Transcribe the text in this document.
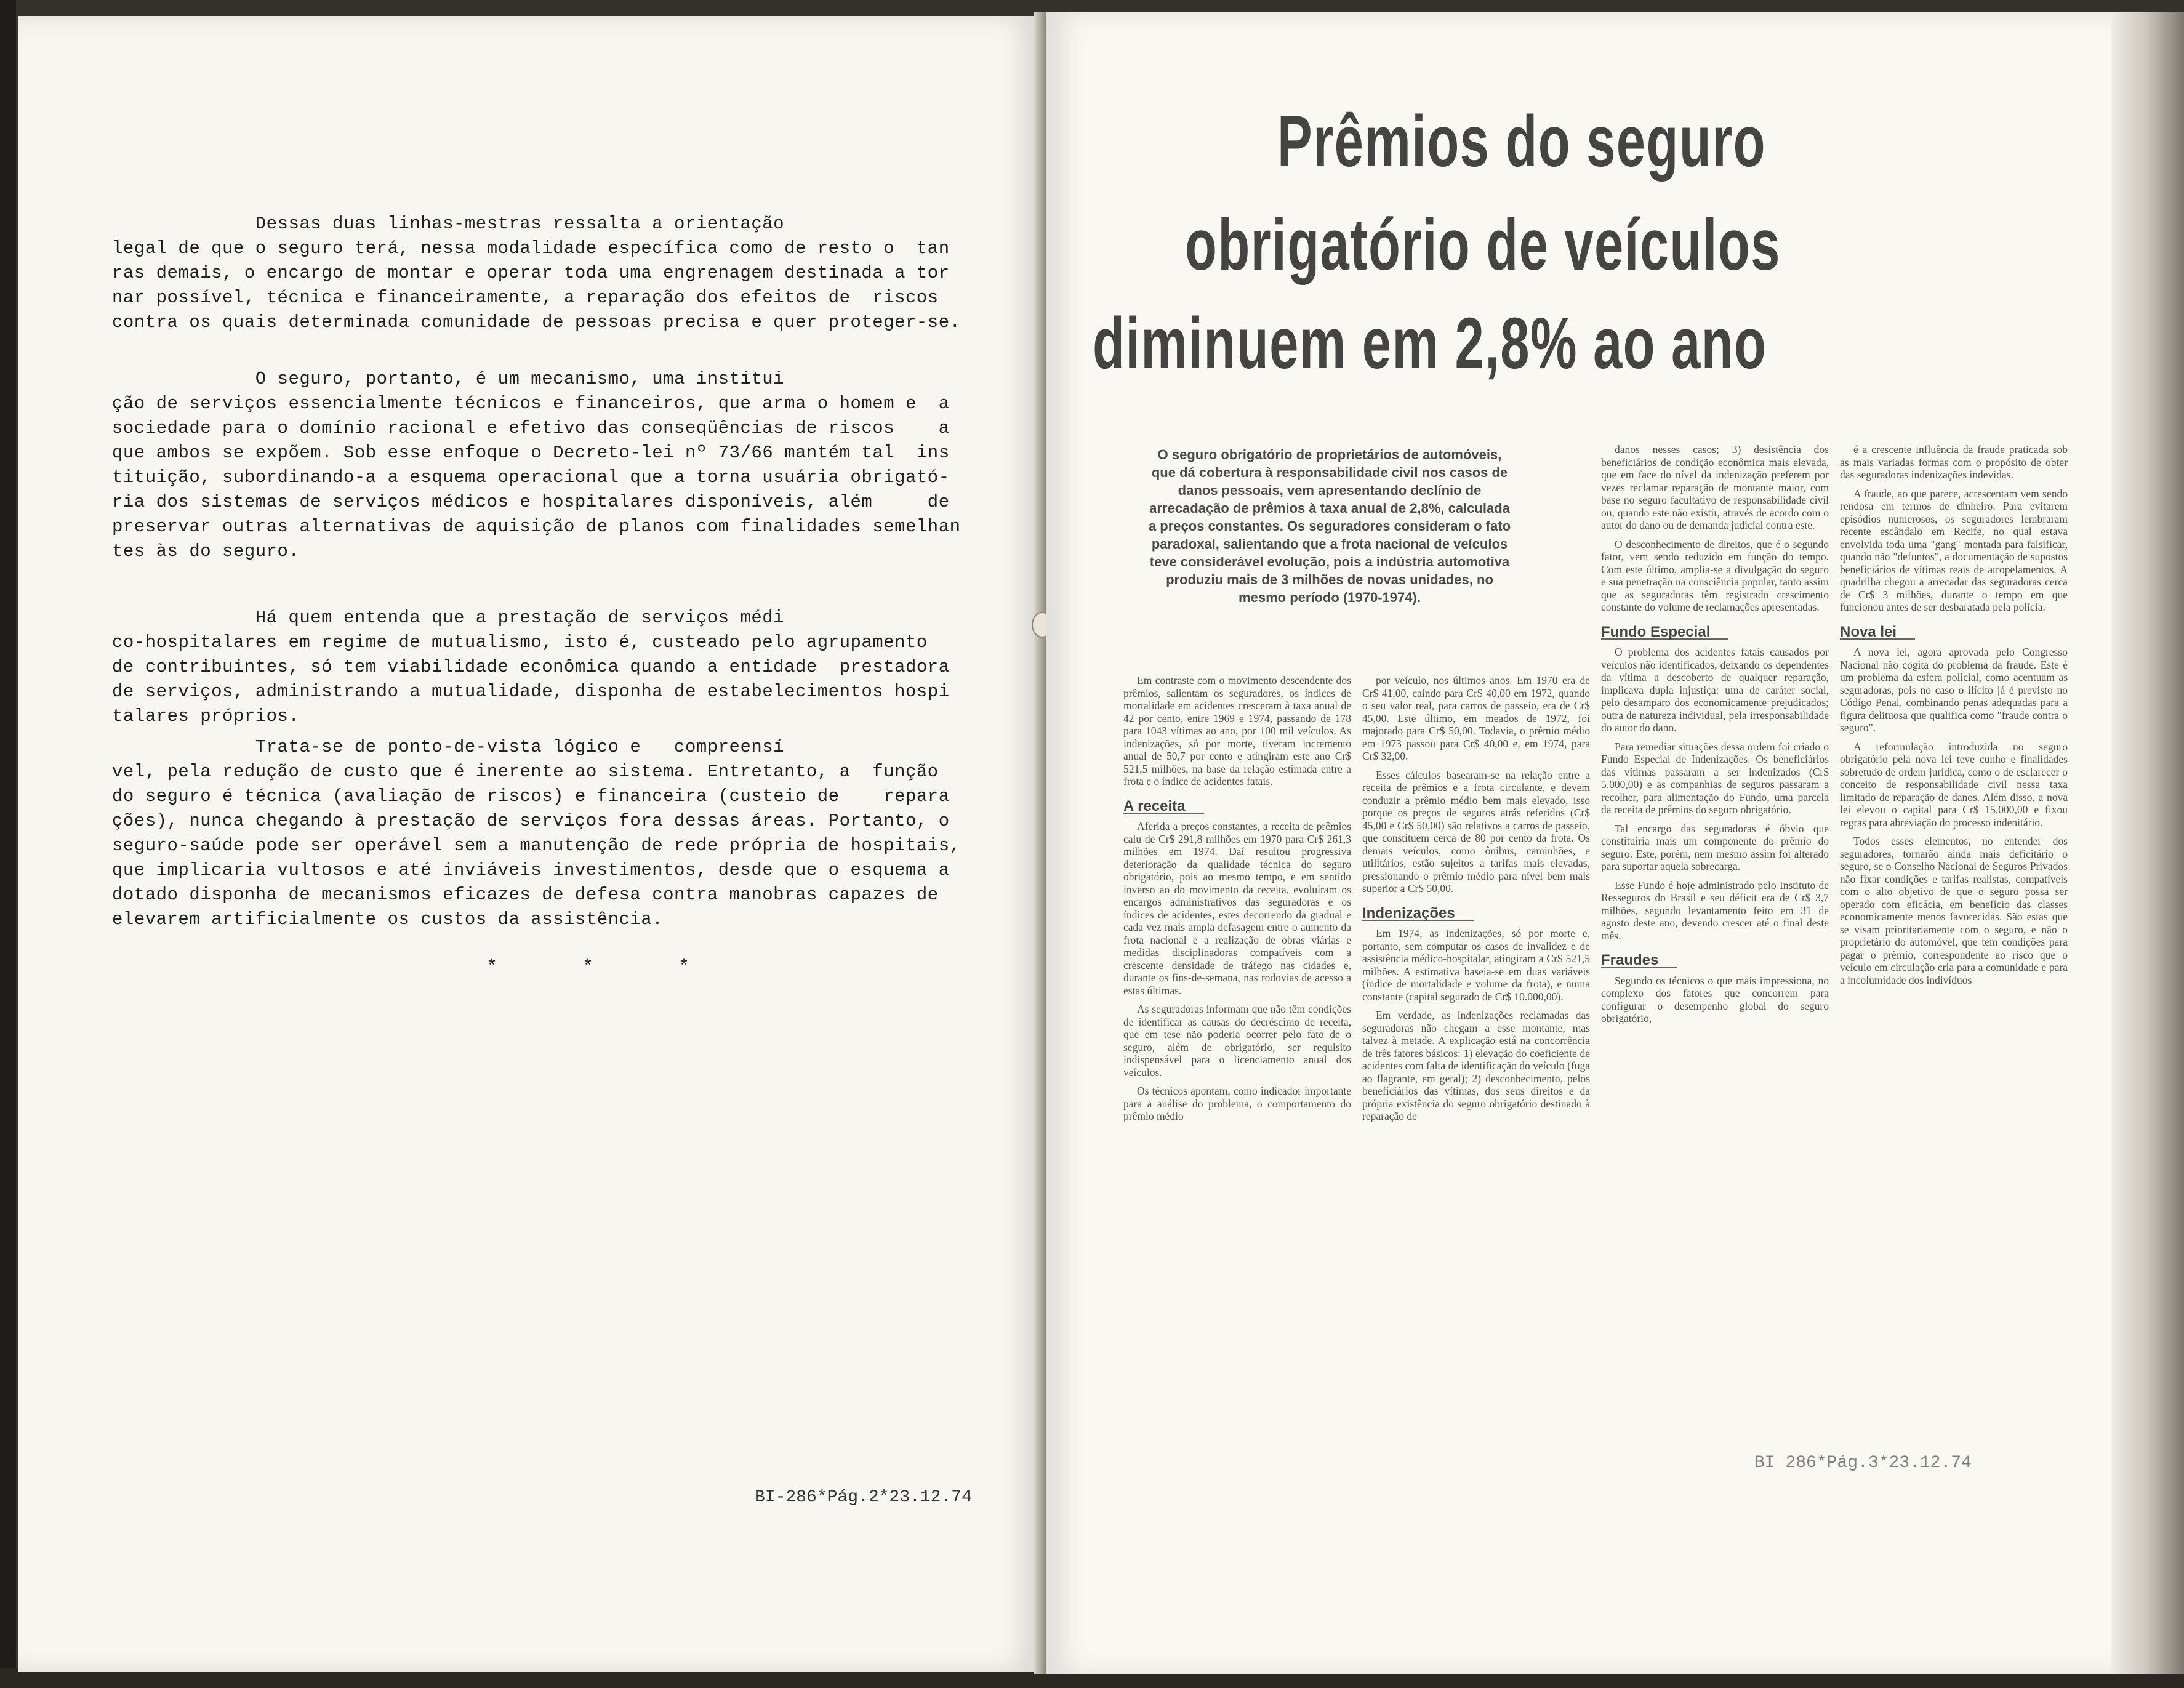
Dessas duas linhas-mestras ressalta a orientação

legal de que o seguro terá, nessa modalidade específica como de resto o  tan

ras demais, o encargo de montar e operar toda uma engrenagem destinada a tor

nar possível, técnica e financeiramente, a reparação dos efeitos de  riscos

contra os quais determinada comunidade de pessoas precisa e quer proteger-se.

O seguro, portanto, é um mecanismo, uma institui

ção de serviços essencialmente técnicos e financeiros, que arma o homem e  a

sociedade para o domínio racional e efetivo das conseqüências de riscos    a

que ambos se expõem. Sob esse enfoque o Decreto-lei nº 73/66 mantém tal  ins

tituição, subordinando-a a esquema operacional que a torna usuária obrigató-

ria dos sistemas de serviços médicos e hospitalares disponíveis, além     de

preservar outras alternativas de aquisição de planos com finalidades semelhan

tes às do seguro.

Há quem entenda que a prestação de serviços médi

co-hospitalares em regime de mutualismo, isto é, custeado pelo agrupamento

de contribuintes, só tem viabilidade econômica quando a entidade  prestadora

de serviços, administrando a mutualidade, disponha de estabelecimentos hospi

talares próprios.

Trata-se de ponto-de-vista lógico e   compreensí

vel, pela redução de custo que é inerente ao sistema. Entretanto, a  função

do seguro é técnica (avaliação de riscos) e financeira (custeio de    repara

ções), nunca chegando à prestação de serviços fora dessas áreas. Portanto, o

seguro-saúde pode ser operável sem a manutenção de rede própria de hospitais,

que implicaria vultosos e até inviáveis investimentos, desde que o esquema a

dotado disponha de mecanismos eficazes de defesa contra manobras capazes de

elevarem artificialmente os custos da assistência.

* * *
BI-286*Pág.2*23.12.74
Prêmios do seguro
obrigatório de veículos
diminuem em 2,8% ao ano
O seguro obrigatório de proprietários de automóveis, que dá cobertura à responsabilidade civil nos casos de danos pessoais, vem apresentando declínio de arrecadação de prêmios à taxa anual de 2,8%, calculada a preços constantes. Os seguradores consideram o fato paradoxal, salientando que a frota nacional de veículos teve considerável evolução, pois a indústria automotiva produziu mais de 3 milhões de novas unidades, no mesmo período (1970-1974).

Em contraste com o movimento descendente dos prêmios, salientam os seguradores, os índices de mortalidade em acidentes cresceram à taxa anual de 42 por cento, entre 1969 e 1974, passando de 178 para 1043 vítimas ao ano, por 100 mil veículos. As indenizações, só por morte, tiveram incremento anual de 50,7 por cento e atingiram este ano Cr$ 521,5 milhões, na base da relação estimada entre a frota e o índice de acidentes fatais.

A receita

Aferida a preços constantes, a receita de prêmios caiu de Cr$ 291,8 milhões em 1970 para Cr$ 261,3 milhões em 1974. Daí resultou progressiva deterioração da qualidade técnica do seguro obrigatório, pois ao mesmo tempo, e em sentido inverso ao do movimento da receita, evoluíram os encargos administrativos das seguradoras e os índices de acidentes, estes decorrendo da gradual e cada vez mais ampla defasagem entre o aumento da frota nacional e a realização de obras viárias e medidas disciplinadoras compatíveis com a crescente densidade de tráfego nas cidades e, durante os fins-de-semana, nas rodovias de acesso a estas últimas.

As seguradoras informam que não têm condições de identificar as causas do decréscimo de receita, que em tese não poderia ocorrer pelo fato de o seguro, além de obrigatório, ser requisito indispensável para o licenciamento anual dos veículos.

Os técnicos apontam, como indicador importante para a análise do problema, o comportamento do prêmio médio

por veículo, nos últimos anos. Em 1970 era de Cr$ 41,00, caindo para Cr$ 40,00 em 1972, quando o seu valor real, para carros de passeio, era de Cr$ 45,00. Este último, em meados de 1972, foi majorado para Cr$ 50,00. Todavia, o prêmio médio em 1973 passou para Cr$ 40,00 e, em 1974, para Cr$ 32,00.

Esses cálculos basearam-se na relação entre a receita de prêmios e a frota circulante, e devem conduzir a prêmio médio bem mais elevado, isso porque os preços de seguros atrás referidos (Cr$ 45,00 e Cr$ 50,00) são relativos a carros de passeio, que constituem cerca de 80 por cento da frota. Os demais veículos, como ônibus, caminhões, e utilitários, estão sujeitos a tarifas mais elevadas, pressionando o prêmio médio para nível bem mais superior a Cr$ 50,00.

Indenizações

Em 1974, as indenizações, só por morte e, portanto, sem computar os casos de invalidez e de assistência médico-hospitalar, atingiram a Cr$ 521,5 milhões. A estimativa baseia-se em duas variáveis (índice de mortalidade e volume da frota), e numa constante (capital segurado de Cr$ 10.000,00).

Em verdade, as indenizações reclamadas das seguradoras não chegam a esse montante, mas talvez à metade. A explicação está na concorrência de três fatores básicos: 1) elevação do coeficiente de acidentes com falta de identificação do veículo (fuga ao flagrante, em geral); 2) desconhecimento, pelos beneficiários das vítimas, dos seus direitos e da própria existência do seguro obrigatório destinado à reparação de

danos nesses casos; 3) desistência dos beneficiários de condição econômica mais elevada, que em face do nível da indenização preferem por vezes reclamar reparação de montante maior, com base no seguro facultativo de responsabilidade civil ou, quando este não existir, através de acordo com o autor do dano ou de demanda judicial contra este.

O desconhecimento de direitos, que é o segundo fator, vem sendo reduzido em função do tempo. Com este último, amplia-se a divulgação do seguro e sua penetração na consciência popular, tanto assim que as seguradoras têm registrado crescimento constante do volume de reclamações apresentadas.

Fundo Especial

O problema dos acidentes fatais causados por veículos não identificados, deixando os dependentes da vítima a descoberto de qualquer reparação, implicava dupla injustiça: uma de caráter social, pelo desamparo dos economicamente prejudicados; outra de natureza individual, pela irresponsabilidade do autor do dano.

Para remediar situações dessa ordem foi criado o Fundo Especial de Indenizações. Os beneficiários das vítimas passaram a ser indenizados (Cr$ 5.000,00) e as companhias de seguros passaram a recolher, para alimentação do Fundo, uma parcela da receita de prêmios do seguro obrigatório.

Tal encargo das seguradoras é óbvio que constituiria mais um componente do prêmio do seguro. Este, porém, nem mesmo assim foi alterado para suportar aquela sobrecarga.

Esse Fundo é hoje administrado pelo Instituto de Resseguros do Brasil e seu déficit era de Cr$ 3,7 milhões, segundo levantamento feito em 31 de agosto deste ano, devendo crescer até o final deste mês.

Fraudes

Segundo os técnicos o que mais impressiona, no complexo dos fatores que concorrem para configurar o desempenho global do seguro obrigatório,

é a crescente influência da fraude praticada sob as mais variadas formas com o propósito de obter das seguradoras indenizações indevidas.

A fraude, ao que parece, acrescentam vem sendo rendosa em termos de dinheiro. Para evitarem episódios numerosos, os seguradores lembraram recente escândalo em Recife, no qual estava envolvida toda uma "gang" montada para falsificar, quando não "defuntos", a documentação de supostos beneficiários de vítimas reais de atropelamentos. A quadrilha chegou a arrecadar das seguradoras cerca de Cr$ 3 milhões, durante o tempo em que funcionou antes de ser desbaratada pela polícia.

Nova lei

A nova lei, agora aprovada pelo Congresso Nacional não cogita do problema da fraude. Este é um problema da esfera policial, como acentuam as seguradoras, pois no caso o ilícito já é previsto no Código Penal, combinando penas adequadas para a figura delituosa que qualifica como "fraude contra o seguro".

A reformulação introduzida no seguro obrigatório pela nova lei teve cunho e finalidades sobretudo de ordem jurídica, como o de esclarecer o conceito de responsabilidade civil nessa taxa limitado de reparação de danos. Além disso, a nova lei elevou o capital para Cr$ 15.000,00 e fixou regras para abreviação do processo indenitário.

Todos esses elementos, no entender dos seguradores, tornarão ainda mais deficitário o seguro, se o Conselho Nacional de Seguros Privados não fixar condições e tarifas realistas, compatíveis com o alto objetivo de que o seguro possa ser operado com eficácia, em benefício das classes economicamente menos favorecidas. São estas que se visam prioritariamente com o seguro, e não o proprietário do automóvel, que tem condições para pagar o prêmio, correspondente ao risco que o veículo em circulação cria para a comunidade e para a incolumidade dos indivíduos

BI 286*Pág.3*23.12.74
